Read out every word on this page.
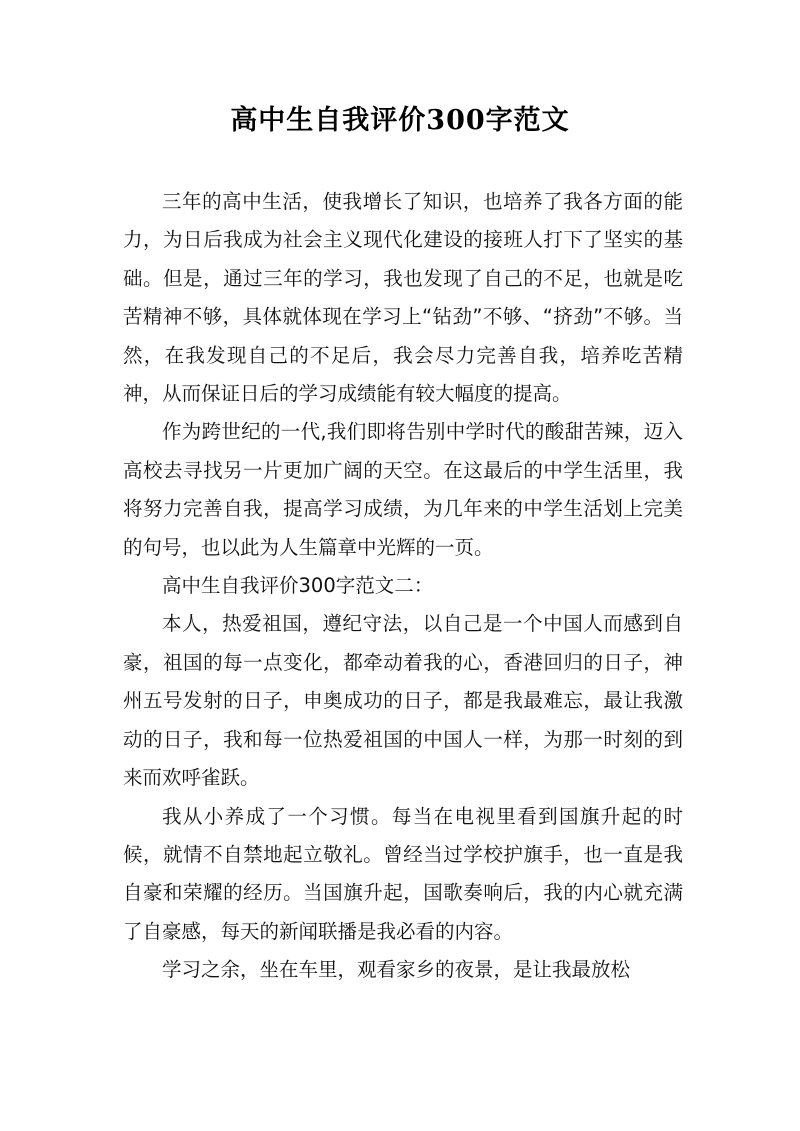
高中生自我评价300字范文

三年的高中生活，使我增长了知识，也培养了我各方面的能力，为日后我成为社会主义现代化建设的接班人打下了坚实的基础。但是，通过三年的学习，我也发现了自己的不足，也就是吃苦精神不够，具体就体现在学习上“钻劲”不够、“挤劲”不够。当然，在我发现自己的不足后，我会尽力完善自我，培养吃苦精神，从而保证日后的学习成绩能有较大幅度的提高。

作为跨世纪的一代,我们即将告别中学时代的酸甜苦辣，迈入高校去寻找另一片更加广阔的天空。在这最后的中学生活里，我将努力完善自我，提高学习成绩，为几年来的中学生活划上完美的句号，也以此为人生篇章中光辉的一页。

高中生自我评价300字范文二：

本人，热爱祖国，遵纪守法，以自己是一个中国人而感到自豪，祖国的每一点变化，都牵动着我的心，香港回归的日子，神州五号发射的日子，申奥成功的日子，都是我最难忘，最让我激动的日子，我和每一位热爱祖国的中国人一样，为那一时刻的到来而欢呼雀跃。

我从小养成了一个习惯。每当在电视里看到国旗升起的时候，就情不自禁地起立敬礼。曾经当过学校护旗手，也一直是我自豪和荣耀的经历。当国旗升起，国歌奏响后，我的内心就充满了自豪感，每天的新闻联播是我必看的内容。

学习之余，坐在车里，观看家乡的夜景，是让我最放松
